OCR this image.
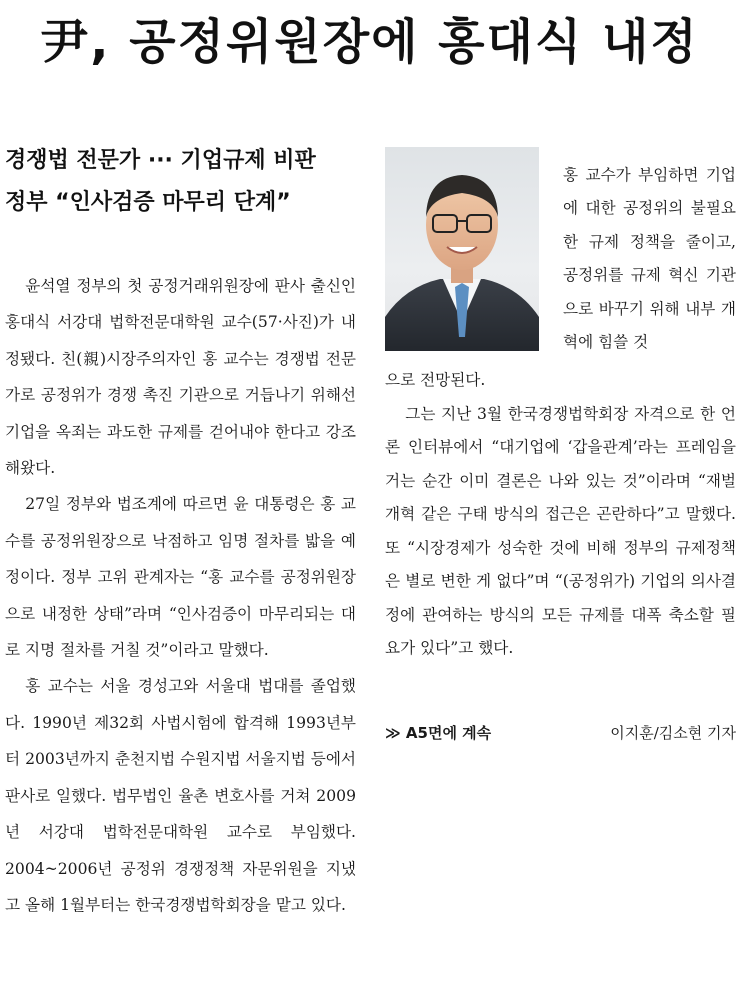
尹, 공정위원장에 홍대식 내정
경쟁법 전문가 ··· 기업규제 비판
정부 “인사검증 마무리 단계”

윤석열 정부의 첫 공정거래위원장에 판사 출신인 홍대식 서강대 법학전문대학원 교수(57·사진)가 내정됐다. 친(親)시장주의자인 홍 교수는 경쟁법 전문가로 공정위가 경쟁 촉진 기관으로 거듭나기 위해선 기업을 옥죄는 과도한 규제를 걷어내야 한다고 강조해왔다.

27일 정부와 법조계에 따르면 윤 대통령은 홍 교수를 공정위원장으로 낙점하고 임명 절차를 밟을 예정이다. 정부 고위 관계자는 “홍 교수를 공정위원장으로 내정한 상태”라며 “인사검증이 마무리되는 대로 지명 절차를 거칠 것”이라고 말했다.

홍 교수는 서울 경성고와 서울대 법대를 졸업했다. 1990년 제32회 사법시험에 합격해 1993년부터 2003년까지 춘천지법 수원지법 서울지법 등에서 판사로 일했다. 법무법인 율촌 변호사를 거쳐 2009년 서강대 법학전문대학원 교수로 부임했다. 2004~2006년 공정위 경쟁정책 자문위원을 지냈고 올해 1월부터는 한국경쟁법학회장을 맡고 있다.

홍 교수가 부임하면 기업에 대한 공정위의 불필요한 규제 정책을 줄이고, 공정위를 규제 혁신 기관으로 바꾸기 위해 내부 개혁에 힘쓸 것

으로 전망된다.

그는 지난 3월 한국경쟁법학회장 자격으로 한 언론 인터뷰에서 “대기업에 ‘갑을관계’라는 프레임을 거는 순간 이미 결론은 나와 있는 것”이라며 “재벌개혁 같은 구태 방식의 접근은 곤란하다”고 말했다. 또 “시장경제가 성숙한 것에 비해 정부의 규제정책은 별로 변한 게 없다”며 “(공정위가) 기업의 의사결정에 관여하는 방식의 모든 규제를 대폭 축소할 필요가 있다”고 했다.

≫ A5면에 계속	이지훈/김소현 기자
